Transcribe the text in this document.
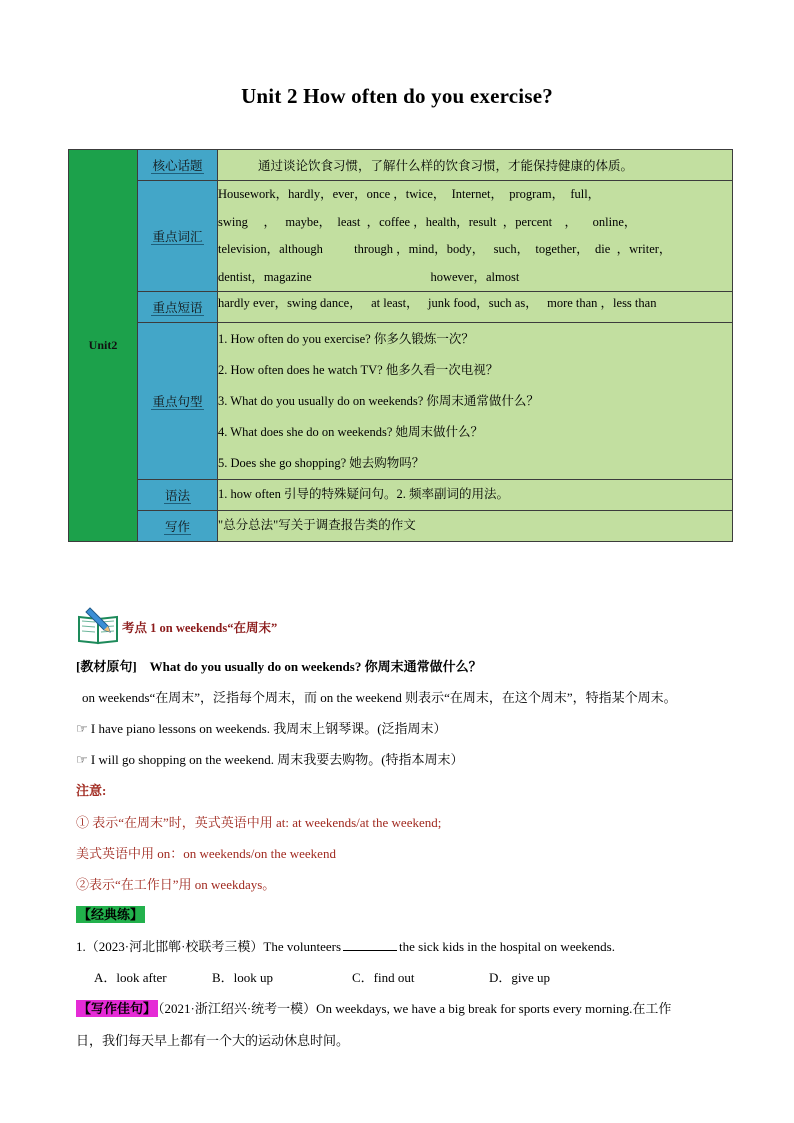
Unit 2 How often do you exercise?
Unit2	核心话题	通过谈论饮食习惯，了解什么样的饮食习惯，才能保持健康的体质。

	重点词汇	Housework，hardly，ever，once ，twice，  Internet，  program，  full，
swing     ，   maybe，  least  ，coffee ，health，result  ，percent    ，     online，
television，although          through ，mind，body，   such，  together，  die  ，writer，
dentist，magazine                                      however，almost

	重点短语	hardly ever，swing dance，   at least，   junk food，such as，   more than ，less than

	重点句型	1. How often do you exercise? 你多久锻炼一次？
2. How often does he watch TV? 他多久看一次电视？
3. What do you usually do on weekends? 你周末通常做什么？
4. What does she do on weekends? 她周末做什么？
5. Does she go shopping? 她去购物吗？

	语法	1. how often 引导的特殊疑问句。2. 频率副词的用法。

	写作	"总分总法"写关于调查报告类的作文
考点 1 on weekends“在周末”
[教材原句] What do you usually do on weekends? 你周末通常做什么？
on weekends“在周末”，泛指每个周末，而 on the weekend 则表示“在周末，在这个周末”，特指某个周末。
☞ I have piano lessons on weekends. 我周末上钢琴课。(泛指周末）
☞ I will go shopping on the weekend. 周末我要去购物。(特指本周末）
注意:
① 表示“在周末”时，英式英语中用 at: at weekends/at the weekend;
美式英语中用 on：on weekends/on the weekend
②表示“在工作日”用 on weekdays。
【经典练】
1.（2023·河北邯郸·校联考三模）The volunteers	the sick kids in the hospital on weekends.
A．look after	B．look up	C．find out	D．give up
【写作佳句】 （2021·浙江绍兴·统考一模）On weekdays, we have a big break for sports every morning.在工作
日，我们每天早上都有一个大的运动休息时间。
